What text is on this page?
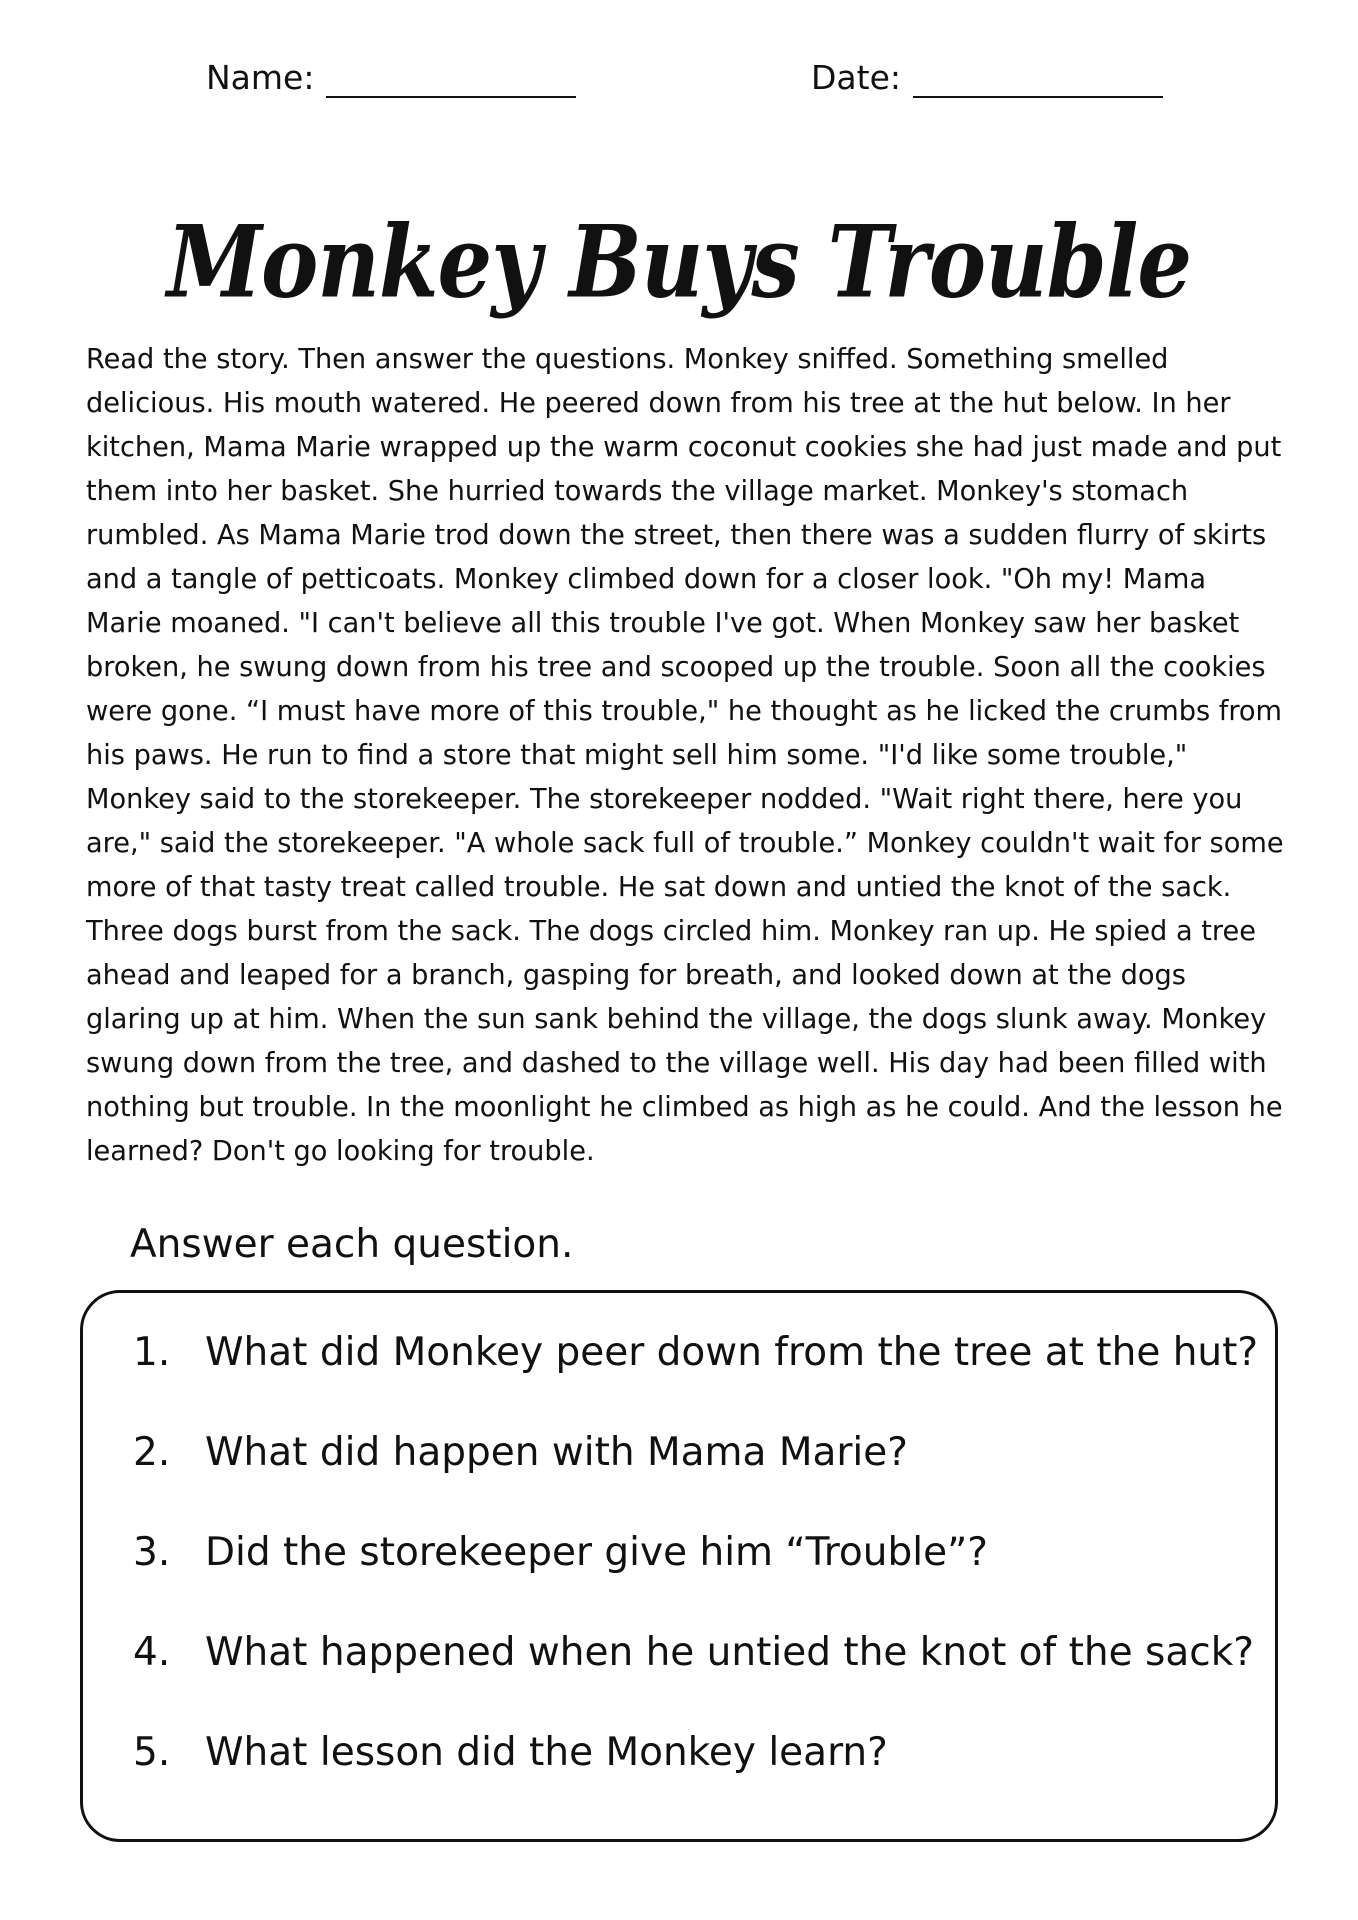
Name:	Date:
Monkey Buys Trouble

Read the story. Then answer the questions. Monkey sniffed. Something smelled delicious. His mouth watered. He peered down from his tree at the hut below. In her kitchen, Mama Marie wrapped up the warm coconut cookies she had just made and put them into her basket. She hurried towards the village market. Monkey's stomach rumbled. As Mama Marie trod down the street, then there was a sudden flurry of skirts and a tangle of petticoats. Monkey climbed down for a closer look. "Oh my! Mama Marie moaned. "I can't believe all this trouble I've got. When Monkey saw her basket broken, he swung down from his tree and scooped up the trouble. Soon all the cookies were gone. “I must have more of this trouble," he thought as he licked the crumbs from his paws. He run to find a store that might sell him some. "I'd like some trouble," Monkey said to the storekeeper. The storekeeper nodded. "Wait right there, here you are," said the storekeeper. "A whole sack full of trouble.” Monkey couldn't wait for some more of that tasty treat called trouble. He sat down and untied the knot of the sack. Three dogs burst from the sack. The dogs circled him. Monkey ran up. He spied a tree ahead and leaped for a branch, gasping for breath, and looked down at the dogs glaring up at him. When the sun sank behind the village, the dogs slunk away. Monkey swung down from the tree, and dashed to the village well. His day had been filled with nothing but trouble. In the moonlight he climbed as high as he could. And the lesson he learned? Don't go looking for trouble.

Answer each question.
1. What did Monkey peer down from the tree at the hut?
2. What did happen with Mama Marie?
3. Did the storekeeper give him “Trouble”?
4. What happened when he untied the knot of the sack?
5. What lesson did the Monkey learn?
